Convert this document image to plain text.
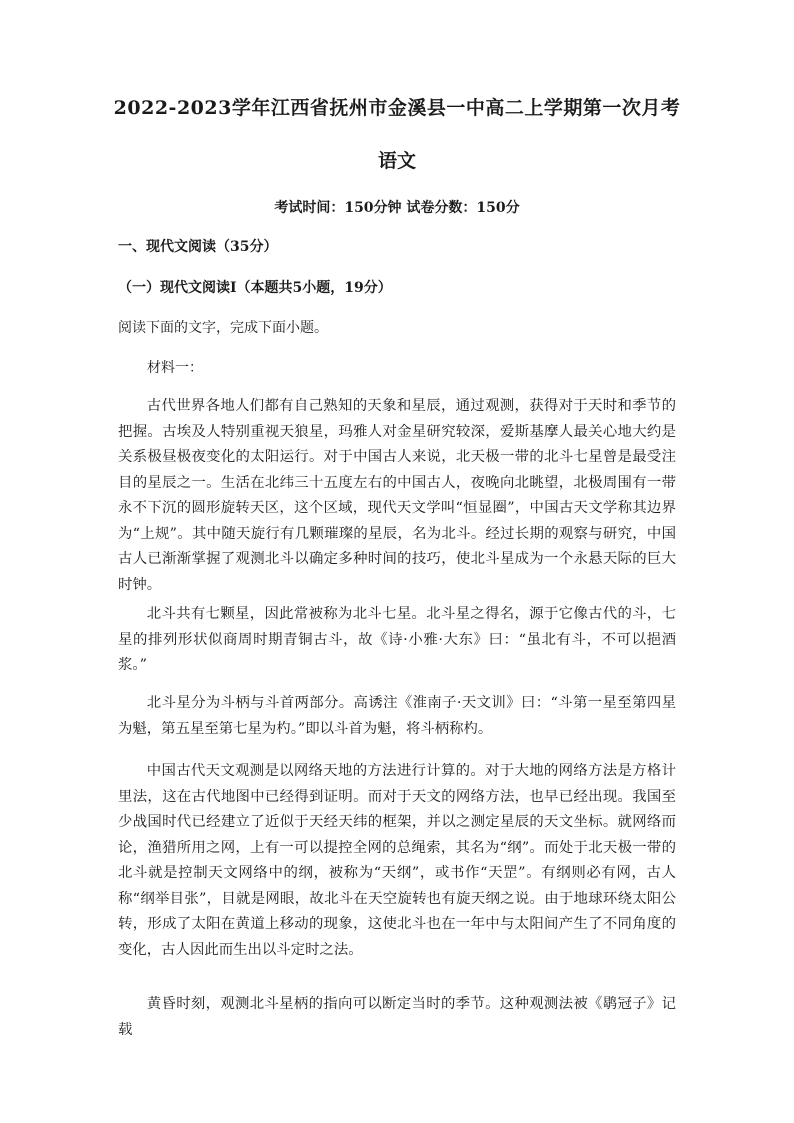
2022-2023学年江西省抚州市金溪县一中高二上学期第一次月考
语文
考试时间：150分钟 试卷分数：150分
一、现代文阅读（35分）
（一）现代文阅读Ⅰ（本题共5小题，19分）
阅读下面的文字，完成下面小题。
材料一：

古代世界各地人们都有自己熟知的天象和星辰，通过观测，获得对于天时和季节的把握。古埃及人特别重视天狼星，玛雅人对金星研究较深，爱斯基摩人最关心地大约是关系极昼极夜变化的太阳运行。对于中国古人来说，北天极一带的北斗七星曾是最受注目的星辰之一。生活在北纬三十五度左右的中国古人，夜晚向北眺望，北极周围有一带永不下沉的圆形旋转天区，这个区域，现代天文学叫“恒显圈”，中国古天文学称其边界为“上规”。其中随天旋行有几颗璀璨的星辰，名为北斗。经过长期的观察与研究，中国古人已渐渐掌握了观测北斗以确定多种时间的技巧，使北斗星成为一个永悬天际的巨大时钟。

北斗共有七颗星，因此常被称为北斗七星。北斗星之得名，源于它像古代的斗，七星的排列形状似商周时期青铜古斗，故《诗·小雅·大东》曰：“虽北有斗，不可以挹酒浆。”

北斗星分为斗柄与斗首两部分。高诱注《淮南子·天文训》曰：“斗第一星至第四星为魁，第五星至第七星为杓。”即以斗首为魁，将斗柄称杓。

中国古代天文观测是以网络天地的方法进行计算的。对于大地的网络方法是方格计里法，这在古代地图中已经得到证明。而对于天文的网络方法，也早已经出现。我国至少战国时代已经建立了近似于天经天纬的框架，并以之测定星辰的天文坐标。就网络而论，渔猎所用之网，上有一可以提控全网的总绳索，其名为“纲”。而处于北天极一带的北斗就是控制天文网络中的纲，被称为“天纲”，或书作“天罡”。有纲则必有网，古人称“纲举目张”，目就是网眼，故北斗在天空旋转也有旋天纲之说。由于地球环绕太阳公转，形成了太阳在黄道上移动的现象，这使北斗也在一年中与太阳间产生了不同角度的变化，古人因此而生出以斗定时之法。

黄昏时刻，观测北斗星柄的指向可以断定当时的季节。这种观测法被《鹖冠子》记载
